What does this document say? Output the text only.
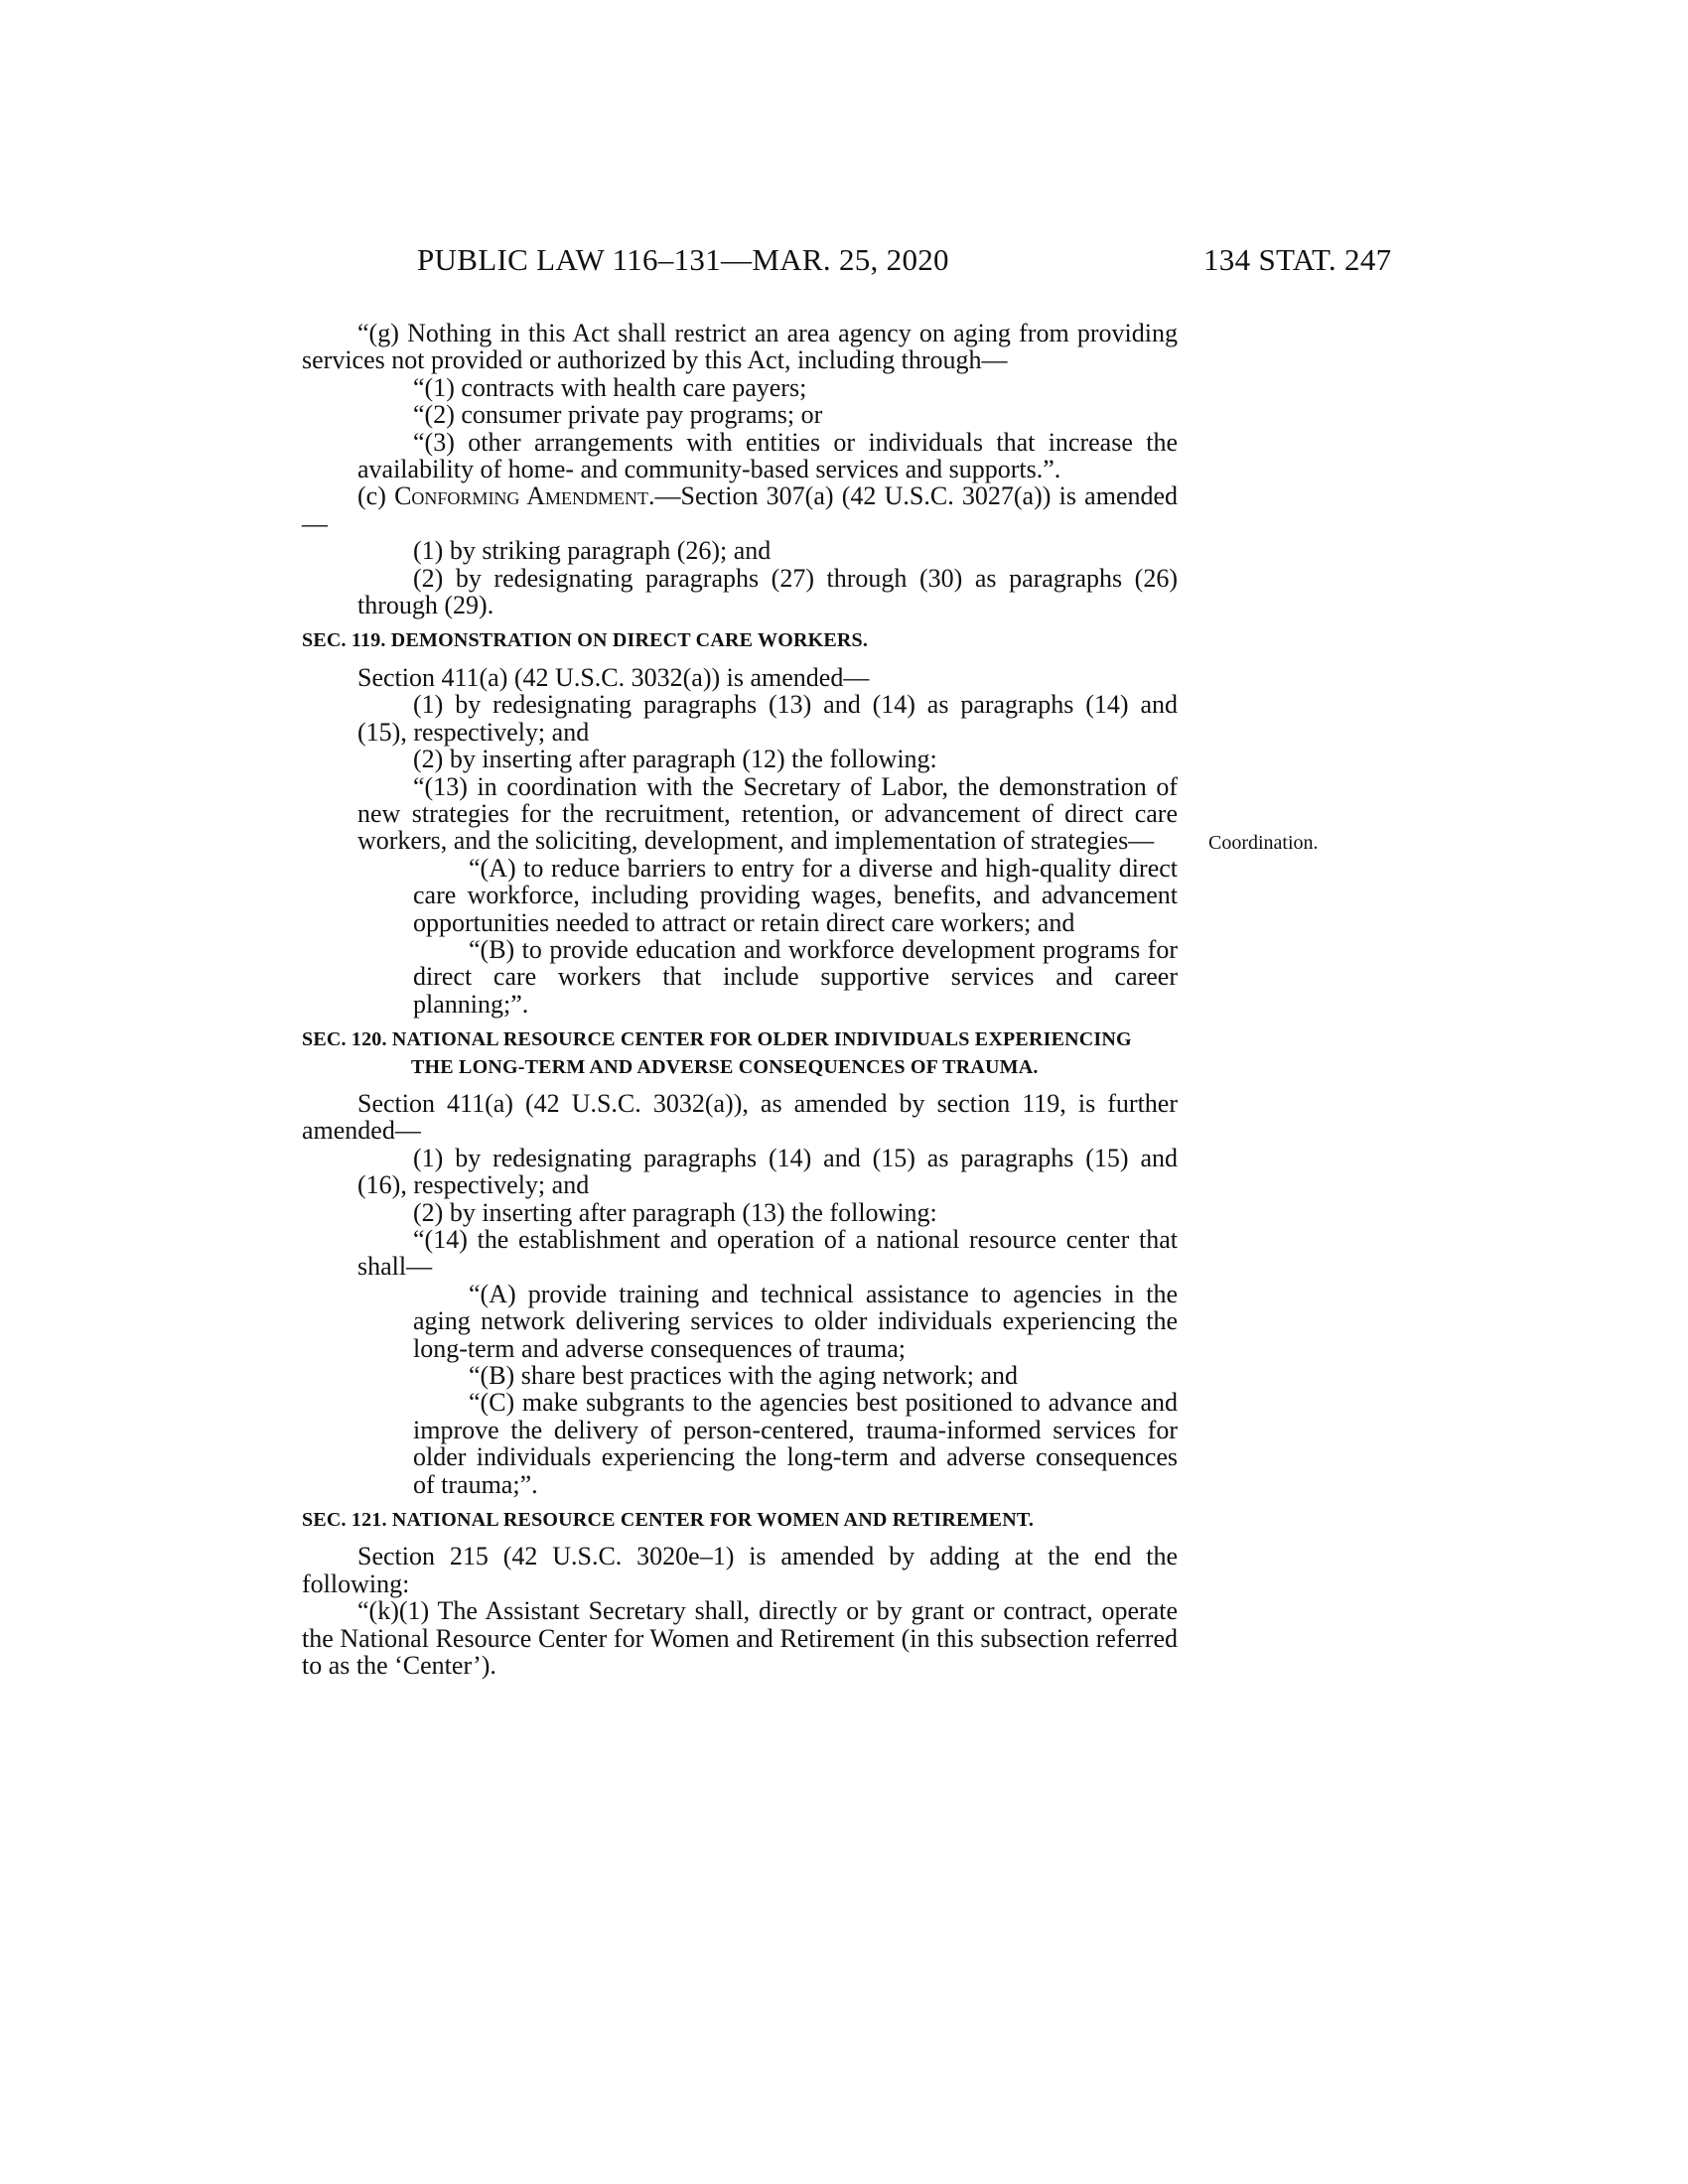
PUBLIC LAW 116–131—MAR. 25, 2020	134 STAT. 247
Coordination.

“(g) Nothing in this Act shall restrict an area agency on aging from providing services not provided or authorized by this Act, including through—

“(1) contracts with health care payers;

“(2) consumer private pay programs; or

“(3) other arrangements with entities or individuals that increase the availability of home- and community-based services and supports.”.

(c) Conforming Amendment.—Section 307(a) (42 U.S.C. 3027(a)) is amended—

(1) by striking paragraph (26); and

(2) by redesignating paragraphs (27) through (30) as paragraphs (26) through (29).

SEC. 119. DEMONSTRATION ON DIRECT CARE WORKERS.

Section 411(a) (42 U.S.C. 3032(a)) is amended—

(1) by redesignating paragraphs (13) and (14) as paragraphs (14) and (15), respectively; and

(2) by inserting after paragraph (12) the following:

“(13) in coordination with the Secretary of Labor, the demonstration of new strategies for the recruitment, retention, or advancement of direct care workers, and the soliciting, development, and implementation of strategies—

“(A) to reduce barriers to entry for a diverse and high-quality direct care workforce, including providing wages, benefits, and advancement opportunities needed to attract or retain direct care workers; and

“(B) to provide education and workforce development programs for direct care workers that include supportive services and career planning;”.

SEC. 120. NATIONAL RESOURCE CENTER FOR OLDER INDIVIDUALS EXPERIENCING THE LONG-TERM AND ADVERSE CONSEQUENCES OF TRAUMA.

Section 411(a) (42 U.S.C. 3032(a)), as amended by section 119, is further amended—

(1) by redesignating paragraphs (14) and (15) as paragraphs (15) and (16), respectively; and

(2) by inserting after paragraph (13) the following:

“(14) the establishment and operation of a national resource center that shall—

“(A) provide training and technical assistance to agencies in the aging network delivering services to older individuals experiencing the long-term and adverse consequences of trauma;

“(B) share best practices with the aging network; and

“(C) make subgrants to the agencies best positioned to advance and improve the delivery of person-centered, trauma-informed services for older individuals experiencing the long-term and adverse consequences of trauma;”.

SEC. 121. NATIONAL RESOURCE CENTER FOR WOMEN AND RETIREMENT.

Section 215 (42 U.S.C. 3020e–1) is amended by adding at the end the following:

“(k)(1) The Assistant Secretary shall, directly or by grant or contract, operate the National Resource Center for Women and Retirement (in this subsection referred to as the ‘Center’).
